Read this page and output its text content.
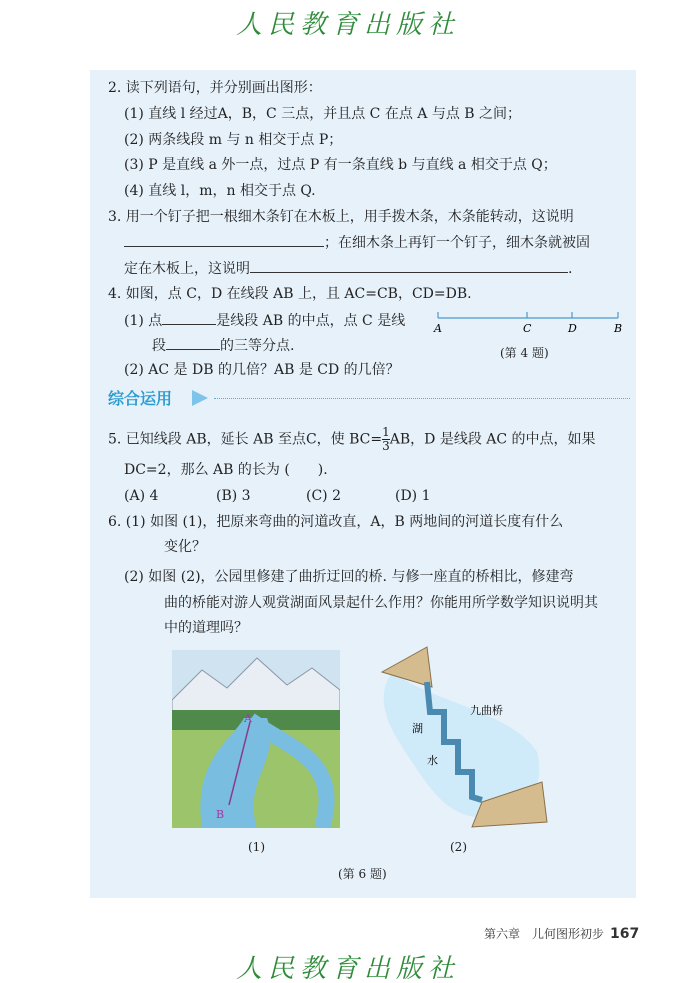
人民教育出版社
2. 读下列语句，并分别画出图形：
(1) 直线 l 经过A，B，C 三点，并且点 C 在点 A 与点 B 之间；
(2) 两条线段 m 与 n 相交于点 P；
(3) P 是直线 a 外一点，过点 P 有一条直线 b 与直线 a 相交于点 Q；
(4) 直线 l，m，n 相交于点 Q.
3. 用一个钉子把一根细木条钉在木板上，用手拨木条，木条能转动，这说明
；在细木条上再钉一个钉子，细木条就被固
定在木板上，这说明	.
4. 如图，点 C，D 在线段 AB 上，且 AC=CB，CD=DB.
(1) 点	是线段 AB 的中点，点 C 是线
段	的三等分点.
(2) AC 是 DB 的几倍？AB 是 CD 的几倍？
A	C	D	B
(第 4 题)
综合运用
5. 已知线段 AB，延长 AB 至点C，使 $BC= \frac{1}{3}$ AB，D 是线段 AC 的中点，如果
DC=2，那么 AB 的长为 (　　).
(A) 4	(B) 3	(C) 2	(D) 1
6. (1) 如图 (1)，把原来弯曲的河道改直，A，B 两地间的河道长度有什么
变化？
(2) 如图 (2)，公园里修建了曲折迂回的桥. 与修一座直的桥相比，修建弯
曲的桥能对游人观赏湖面风景起什么作用？你能用所学数学知识说明其
中的道理吗？
A
B
湖
水
九曲桥
(1)	(2)
(第 6 题)
第六章　儿何图形初步 167
人民教育出版社
